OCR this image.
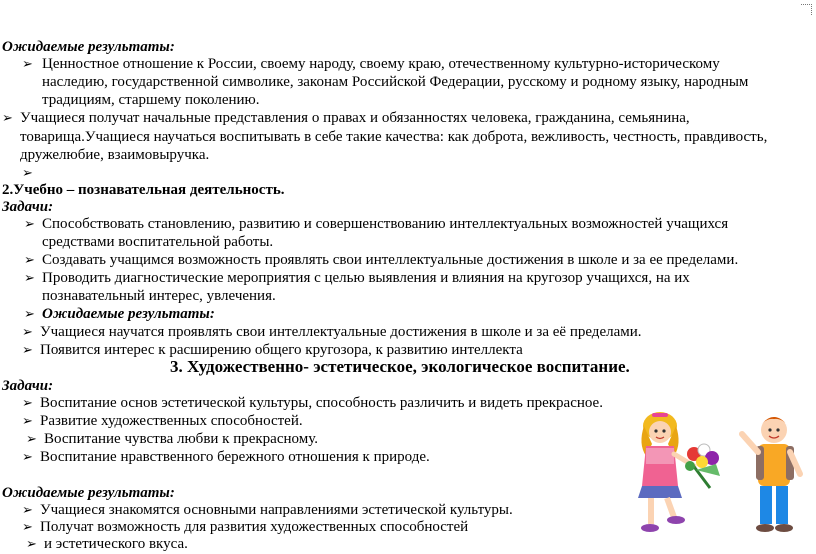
Ожидаемые результаты:
➢ Ценностное отношение к России, своему народу, своему краю, отечественному культурно-историческому
наследию, государственной символике, законам Российской Федерации, русскому и родному языку, народным
традициям, старшему поколению.
➢ Учащиеся получат начальные представления о правах и обязанностях человека, гражданина, семьянина,
товарища.Учащиеся научаться воспитывать в себе такие качества: как доброта, вежливость, честность, правдивость,
дружелюбие, взаимовыручка.
➢
2.Учебно – познавательная деятельность.
Задачи:
➢ Способствовать становлению, развитию и совершенствованию интеллектуальных возможностей учащихся
средствами воспитательной работы.
➢ Создавать учащимся возможность проявлять свои интеллектуальные достижения в школе и за ее пределами.
➢ Проводить диагностические мероприятия с целью выявления и влияния на кругозор учащихся, на их
познавательный интерес, увлечения.
➢ Ожидаемые результаты:
➢ Учащиеся научатся проявлять свои интеллектуальные достижения в школе и за её пределами.
➢ Появится интерес к расширению общего кругозора, к развитию интеллекта
3. Художественно- эстетическое, экологическое воспитание.
Задачи:
➢ Воспитание основ эстетической культуры, способность различить и видеть прекрасное.
➢ Развитие художественных способностей.
➢ Воспитание чувства любви к прекрасному.
➢ Воспитание нравственного бережного отношения к природе.
Ожидаемые результаты:
➢ Учащиеся знакомятся основными направлениями эстетической культуры.
➢ Получат возможность для развития художественных способностей
➢ и эстетического вкуса.
